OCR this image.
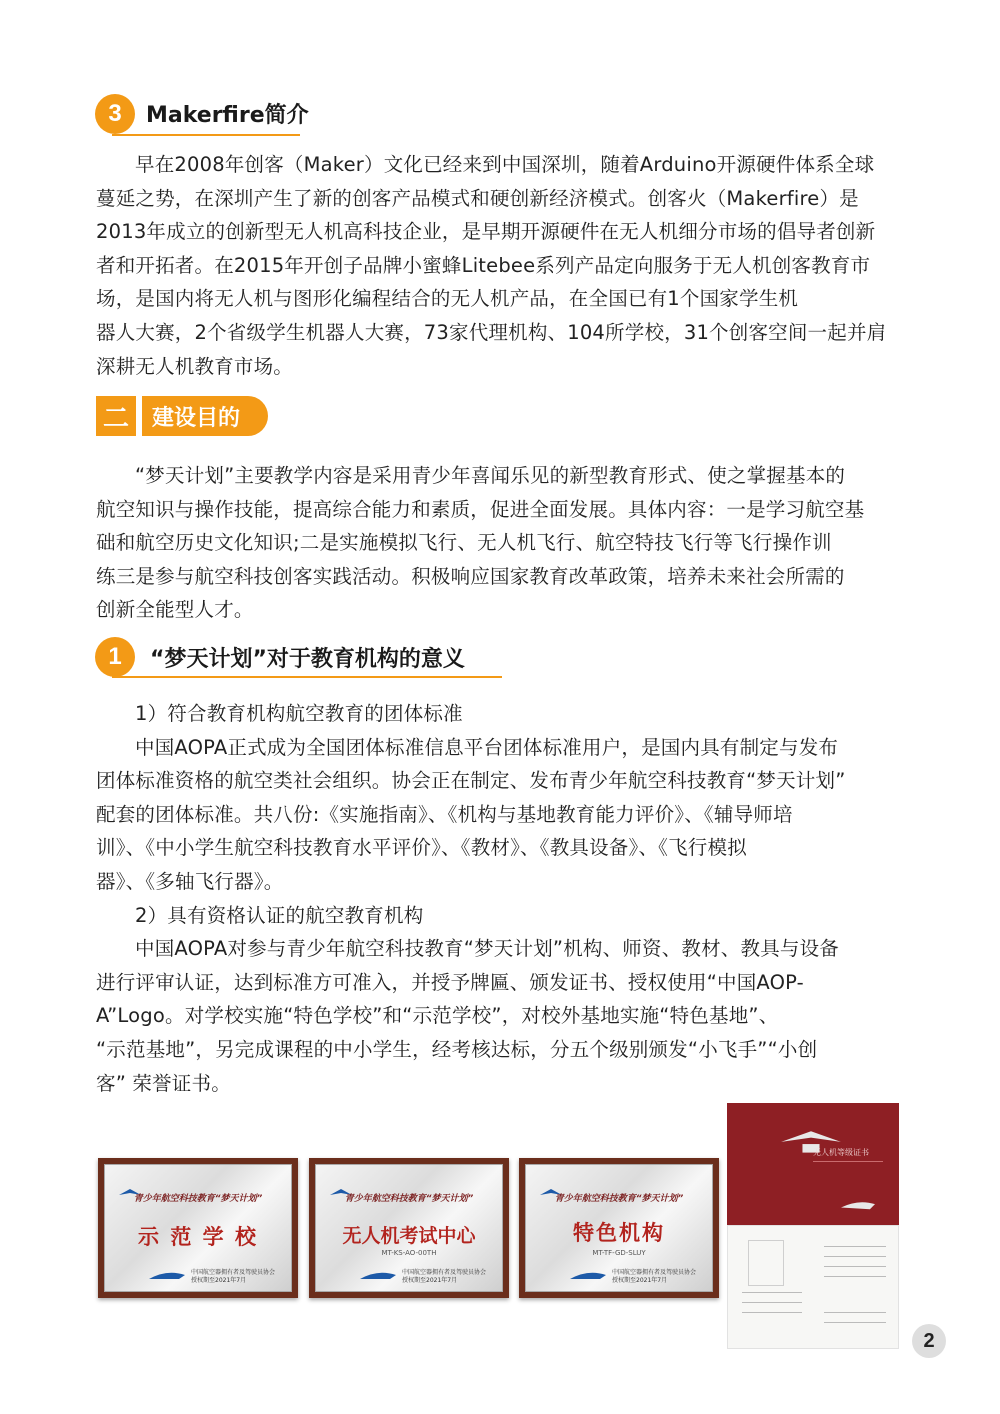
3	Makerfire简介

早在2008年创客（Maker）文化已经来到中国深圳，随着Arduino开源硬件体系全球

蔓延之势，在深圳产生了新的创客产品模式和硬创新经济模式。创客火（Makerfire）是

2013年成立的创新型无人机高科技企业，是早期开源硬件在无人机细分市场的倡导者创新

者和开拓者。在2015年开创子品牌小蜜蜂Litebee系列产品定向服务于无人机创客教育市

场，是国内将无人机与图形化编程结合的无人机产品，在全国已有1个国家学生机

器人大赛，2个省级学生机器人大赛，73家代理机构、104所学校，31个创客空间一起并肩

深耕无人机教育市场。

二	建设目的

“梦天计划”主要教学内容是采用青少年喜闻乐见的新型教育形式、使之掌握基本的

航空知识与操作技能，提高综合能力和素质，促进全面发展。具体内容：一是学习航空基

础和航空历史文化知识;二是实施模拟飞行、无人机飞行、航空特技飞行等飞行操作训

练三是参与航空科技创客实践活动。积极响应国家教育改革政策，培养未来社会所需的

创新全能型人才。

1	“梦天计划”对于教育机构的意义

1）符合教育机构航空教育的团体标准

中国AOPA正式成为全国团体标准信息平台团体标准用户，是国内具有制定与发布

团体标准资格的航空类社会组织。协会正在制定、发布青少年航空科技教育“梦天计划”

配套的团体标准。共八份:《实施指南》、《机构与基地教育能力评价》、《辅导师培

训》、《中小学生航空科技教育水平评价》、《教材》、《教具设备》、《飞行模拟

器》、《多轴飞行器》。

2）具有资格认证的航空教育机构

中国AOPA对参与青少年航空科技教育“梦天计划”机构、师资、教材、教具与设备

进行评审认证，达到标准方可准入，并授予牌匾、颁发证书、授权使用“中国AOP-

A”Logo。对学校实施“特色学校”和“示范学校”，对校外基地实施“特色基地”、

“示范基地”，另完成课程的中小学生，经考核达标，分五个级别颁发“小飞手”“小创

客” 荣誉证书。

青少年航空科技教育“梦天计划”
示 范 学 校
中国航空器拥有者及驾驶员协会
授权期至2021年7月
青少年航空科技教育“梦天计划”
无人机考试中心
MT-KS-AO-00TH
中国航空器拥有者及驾驶员协会
授权期至2021年7月
青少年航空科技教育“梦天计划”
特色机构
MT-TF-GD-SLUY
中国航空器拥有者及驾驶员协会
授权期至2021年7月
无人机等级证书
2
